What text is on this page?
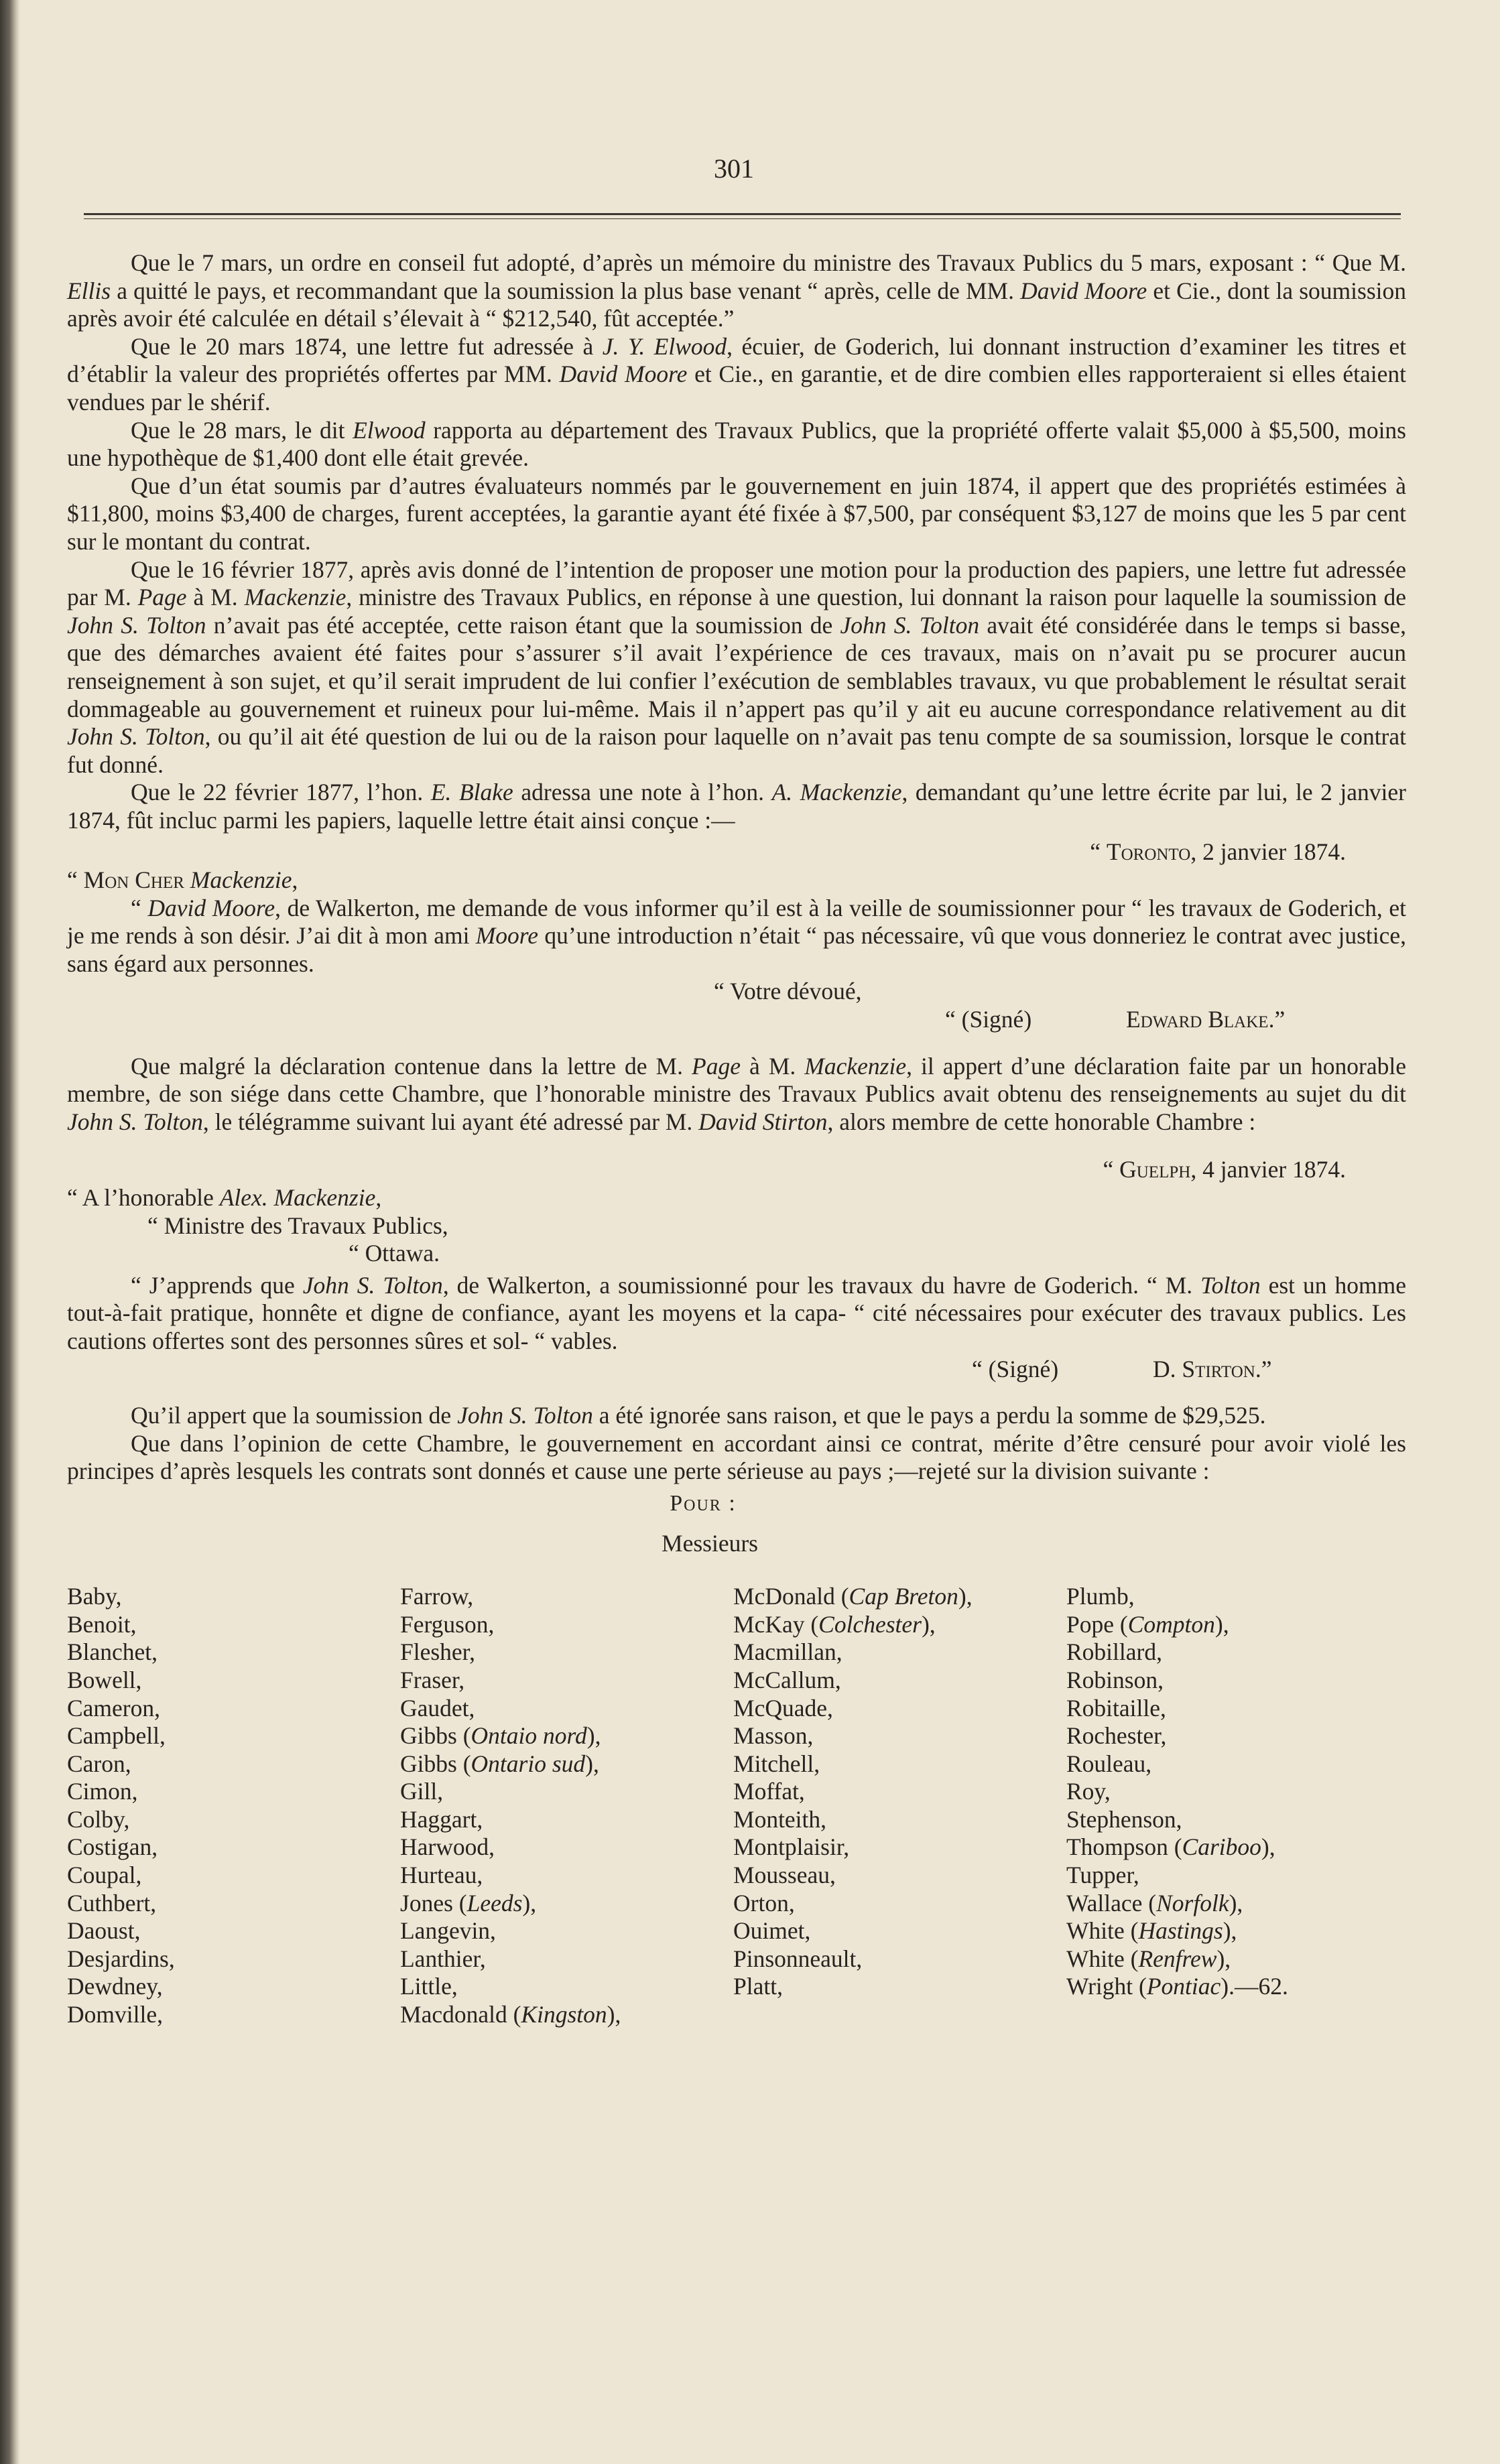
301

Que le 7 mars, un ordre en conseil fut adopté, d’après un mémoire du ministre des Travaux Publics du 5 mars, exposant : “ Que M. Ellis a quitté le pays, et recommandant que la soumission la plus base venant “ après, celle de MM. David Moore et Cie., dont la soumission après avoir été calculée en détail s’élevait à “ $212,540, fût acceptée.”

Que le 20 mars 1874, une lettre fut adressée à J. Y. Elwood, écuier, de Goderich, lui donnant instruction d’examiner les titres et d’établir la valeur des propriétés offertes par MM. David Moore et Cie., en garantie, et de dire combien elles rapporteraient si elles étaient vendues par le shérif.

Que le 28 mars, le dit Elwood rapporta au département des Travaux Publics, que la propriété offerte valait $5,000 à $5,500, moins une hypothèque de $1,400 dont elle était grevée.

Que d’un état soumis par d’autres évaluateurs nommés par le gouvernement en juin 1874, il appert que des propriétés estimées à $11,800, moins $3,400 de charges, furent acceptées, la garantie ayant été fixée à $7,500, par conséquent $3,127 de moins que les 5 par cent sur le montant du contrat.

Que le 16 février 1877, après avis donné de l’intention de proposer une motion pour la production des papiers, une lettre fut adressée par M. Page à M. Mackenzie, ministre des Travaux Publics, en réponse à une question, lui donnant la raison pour laquelle la soumission de John S. Tolton n’avait pas été acceptée, cette raison étant que la soumission de John S. Tolton avait été considérée dans le temps si basse, que des démarches avaient été faites pour s’assurer s’il avait l’expérience de ces travaux, mais on n’avait pu se procurer aucun renseignement à son sujet, et qu’il serait imprudent de lui confier l’exécution de semblables travaux, vu que probablement le résultat serait dommageable au gouvernement et ruineux pour lui-même. Mais il n’appert pas qu’il y ait eu aucune correspondance relativement au dit John S. Tolton, ou qu’il ait été question de lui ou de la raison pour laquelle on n’avait pas tenu compte de sa soumission, lorsque le contrat fut donné.

Que le 22 février 1877, l’hon. E. Blake adressa une note à l’hon. A. Mackenzie, demandant qu’une lettre écrite par lui, le 2 janvier 1874, fût incluc parmi les papiers, laquelle lettre était ainsi conçue :—

“ Toronto, 2 janvier 1874.

“ Mon Cher Mackenzie,

“ David Moore, de Walkerton, me demande de vous informer qu’il est à la veille de soumissionner pour “ les travaux de Goderich, et je me rends à son désir. J’ai dit à mon ami Moore qu’une introduction n’était “ pas nécessaire, vû que vous donneriez le contrat avec justice, sans égard aux personnes.

“ Votre dévoué,

“ (Signé)	Edward Blake.”

Que malgré la déclaration contenue dans la lettre de M. Page à M. Mackenzie, il appert d’une déclaration faite par un honorable membre, de son siége dans cette Chambre, que l’honorable ministre des Travaux Publics avait obtenu des renseignements au sujet du dit John S. Tolton, le télégramme suivant lui ayant été adressé par M. David Stirton, alors membre de cette honorable Chambre :

“ Guelph, 4 janvier 1874.

“ A l’honorable Alex. Mackenzie,

“ Ministre des Travaux Publics,

“ Ottawa.

“ J’apprends que John S. Tolton, de Walkerton, a soumissionné pour les travaux du havre de Goderich. “ M. Tolton est un homme tout-à-fait pratique, honnête et digne de confiance, ayant les moyens et la capa- “ cité nécessaires pour exécuter des travaux publics. Les cautions offertes sont des personnes sûres et sol- “ vables.

“ (Signé)	D. Stirton.”

Qu’il appert que la soumission de John S. Tolton a été ignorée sans raison, et que le pays a perdu la somme de $29,525.

Que dans l’opinion de cette Chambre, le gouvernement en accordant ainsi ce contrat, mérite d’être censuré pour avoir violé les principes d’après lesquels les contrats sont donnés et cause une perte sérieuse au pays ;—rejeté sur la division suivante :

Pour :
Messieurs
Baby,
Benoit,
Blanchet,
Bowell,
Cameron,
Campbell,
Caron,
Cimon,
Colby,
Costigan,
Coupal,
Cuthbert,
Daoust,
Desjardins,
Dewdney,
Domville,
Farrow,
Ferguson,
Flesher,
Fraser,
Gaudet,
Gibbs (Ontaio nord),
Gibbs (Ontario sud),
Gill,
Haggart,
Harwood,
Hurteau,
Jones (Leeds),
Langevin,
Lanthier,
Little,
Macdonald (Kingston),
McDonald (Cap Breton),
McKay (Colchester),
Macmillan,
McCallum,
McQuade,
Masson,
Mitchell,
Moffat,
Monteith,
Montplaisir,
Mousseau,
Orton,
Ouimet,
Pinsonneault,
Platt,
Plumb,
Pope (Compton),
Robillard,
Robinson,
Robitaille,
Rochester,
Rouleau,
Roy,
Stephenson,
Thompson (Cariboo),
Tupper,
Wallace (Norfolk),
White (Hastings),
White (Renfrew),
Wright (Pontiac).—62.
